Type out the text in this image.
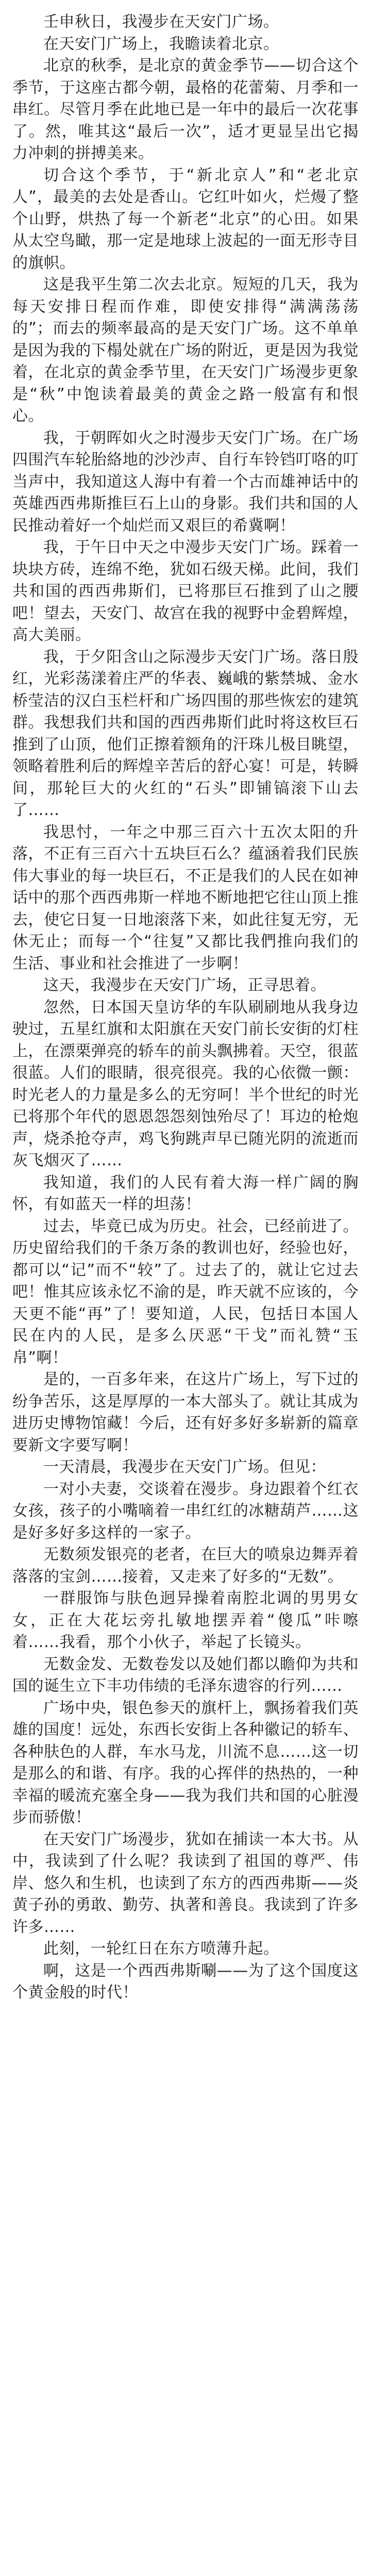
壬申秋日，我漫步在天安门广场。

在天安门广场上，我瞻读着北京。

北京的秋季，是北京的黄金季节——切合这个季节，于这座古都今朝，最格的花蕾菊、月季和一串红。尽管月季在此地已是一年中的最后一次花事了。然，唯其这“最后一次”，适才更显呈出它揭力冲刺的拼搏美来。

切合这个季节，于“新北京人”和“老北京人”，最美的去处是香山。它红叶如火，烂熳了整个山野，烘热了每一个新老“北京”的心田。如果从太空鸟瞰，那一定是地球上波起的一面无形寺目的旗帜。

这是我平生第二次去北京。短短的几天，我为每天安排日程而作难，即使安排得“满满荡荡的”；而去的频率最高的是天安门广场。这不单单是因为我的下榻处就在广场的附近，更是因为我觉着，在北京的黄金季节里，在天安门广场漫步更象是“秋”中饱读着最美的黄金之路一般富有和恨心。

我，于朝晖如火之时漫步天安门广场。在广场四围汽车轮胎絡地的沙沙声、自行车铃铛叮咯的叮当声中，我知道这人海中有着一个古而雄神话中的英雄西西弗斯推巨石上山的身影。我们共和国的人民推动着好一个灿烂而又艰巨的希冀啊！

我，于午日中天之中漫步天安门广场。踩着一块块方砖，连绵不绝，犹如石级天梯。此间，我们共和国的西西弗斯们，已将那巨石推到了山之腰吧！望去，天安门、故宫在我的视野中金碧辉煌，高大美丽。

我，于夕阳含山之际漫步天安门广场。落日殷红，光彩荡漾着庄严的华表、巍峨的紫禁城、金水桥莹洁的汉白玉栏杆和广场四围的那些恢宏的建筑群。我想我们共和国的西西弗斯们此时将这枚巨石推到了山顶，他们正擦着额角的汗珠儿极目眺望，领略着胜利后的辉煌辛苦后的舒心宴！可是，转瞬间，那轮巨大的火红的“石头”即铺镐滚下山去了……

我思忖，一年之中那三百六十五次太阳的升落，不正有三百六十五块巨石么？蕴涵着我们民族伟大事业的每一块巨石，不正是我们的人民在如神话中的那个西西弗斯一样地不断地把它往山顶上推去，使它日复一日地滚落下来，如此往复无穷，无休无止；而每一个“往复”又都比我們推向我们的生活、事业和社会推进了一步啊！

这天，我漫步在天安门广场，正寻思着。

忽然，日本国天皇访华的车队刷刷地从我身边驶过，五星红旗和太阳旗在天安门前长安街的灯柱上，在漂栗弹亮的轿车的前头飘拂着。天空，很蓝很蓝。人们的眼睛，很亮很亮。我的心依微一颤：时光老人的力量是多么的无穷呵！半个世纪的时光已将那个年代的恩恩怨怨刻蚀殆尽了！耳边的枪炮声，烧杀抢夺声，鸡飞狗跳声早已随光阴的流逝而灰飞烟灭了……

我知道，我们的人民有着大海一样广阔的胸怀，有如蓝天一样的坦荡！

过去，毕竟已成为历史。社会，已经前进了。历史留给我们的千条万条的教训也好，经验也好，都可以“记”而不“较”了。过去了的，就让它过去吧！惟其应该永忆不渝的是，昨天就不应该的，今天更不能“再”了！要知道，人民，包括日本国人民在内的人民，是多么厌恶“干戈”而礼赞“玉帛”啊！

是的，一百多年来，在这片广场上，写下过的纷争苦乐，这是厚厚的一本大部头了。就让其成为进历史博物馆藏！今后，还有好多好多崭新的篇章要新文字要写啊！

一天清晨，我漫步在天安门广场。但见：

一对小夫妻，交谈着在漫步。身边跟着个红衣女孩，孩子的小嘴嘀着一串红红的冰糖葫芦……这是好多好多这样的一家子。

无数须发银亮的老者，在巨大的喷泉边舞弄着落落的宝剑……接着，又走来了好多的“无数”。

一群服饰与肤色迥异操着南腔北调的男男女女，正在大花坛旁扎敏地摆弄着“傻瓜”咔嚓着……我看，那个小伙子，举起了长镜头。

无数金发、无数卷发以及她们都以瞻仰为共和国的诞生立下丰功伟绩的毛泽东遗容的行列……

广场中央，银色参天的旗杆上，飘扬着我们英雄的国度！远处，东西长安街上各种徽记的轿车、各种肤色的人群，车水马龙，川流不息……这一切是那么的和谐、有序。我的心挥伴的热热的，一种幸福的暖流充塞全身——我为我们共和国的心脏漫步而骄傲！

在天安门广场漫步，犹如在捕读一本大书。从中，我读到了什么呢？我读到了祖国的尊严、伟岸、悠久和生机，也读到了东方的西西弗斯——炎黄子孙的勇敢、勤劳、执著和善良。我读到了许多许多……

此刻，一轮红日在东方喷薄升起。

啊，这是一个西西弗斯唰——为了这个国度这个黄金般的时代！
